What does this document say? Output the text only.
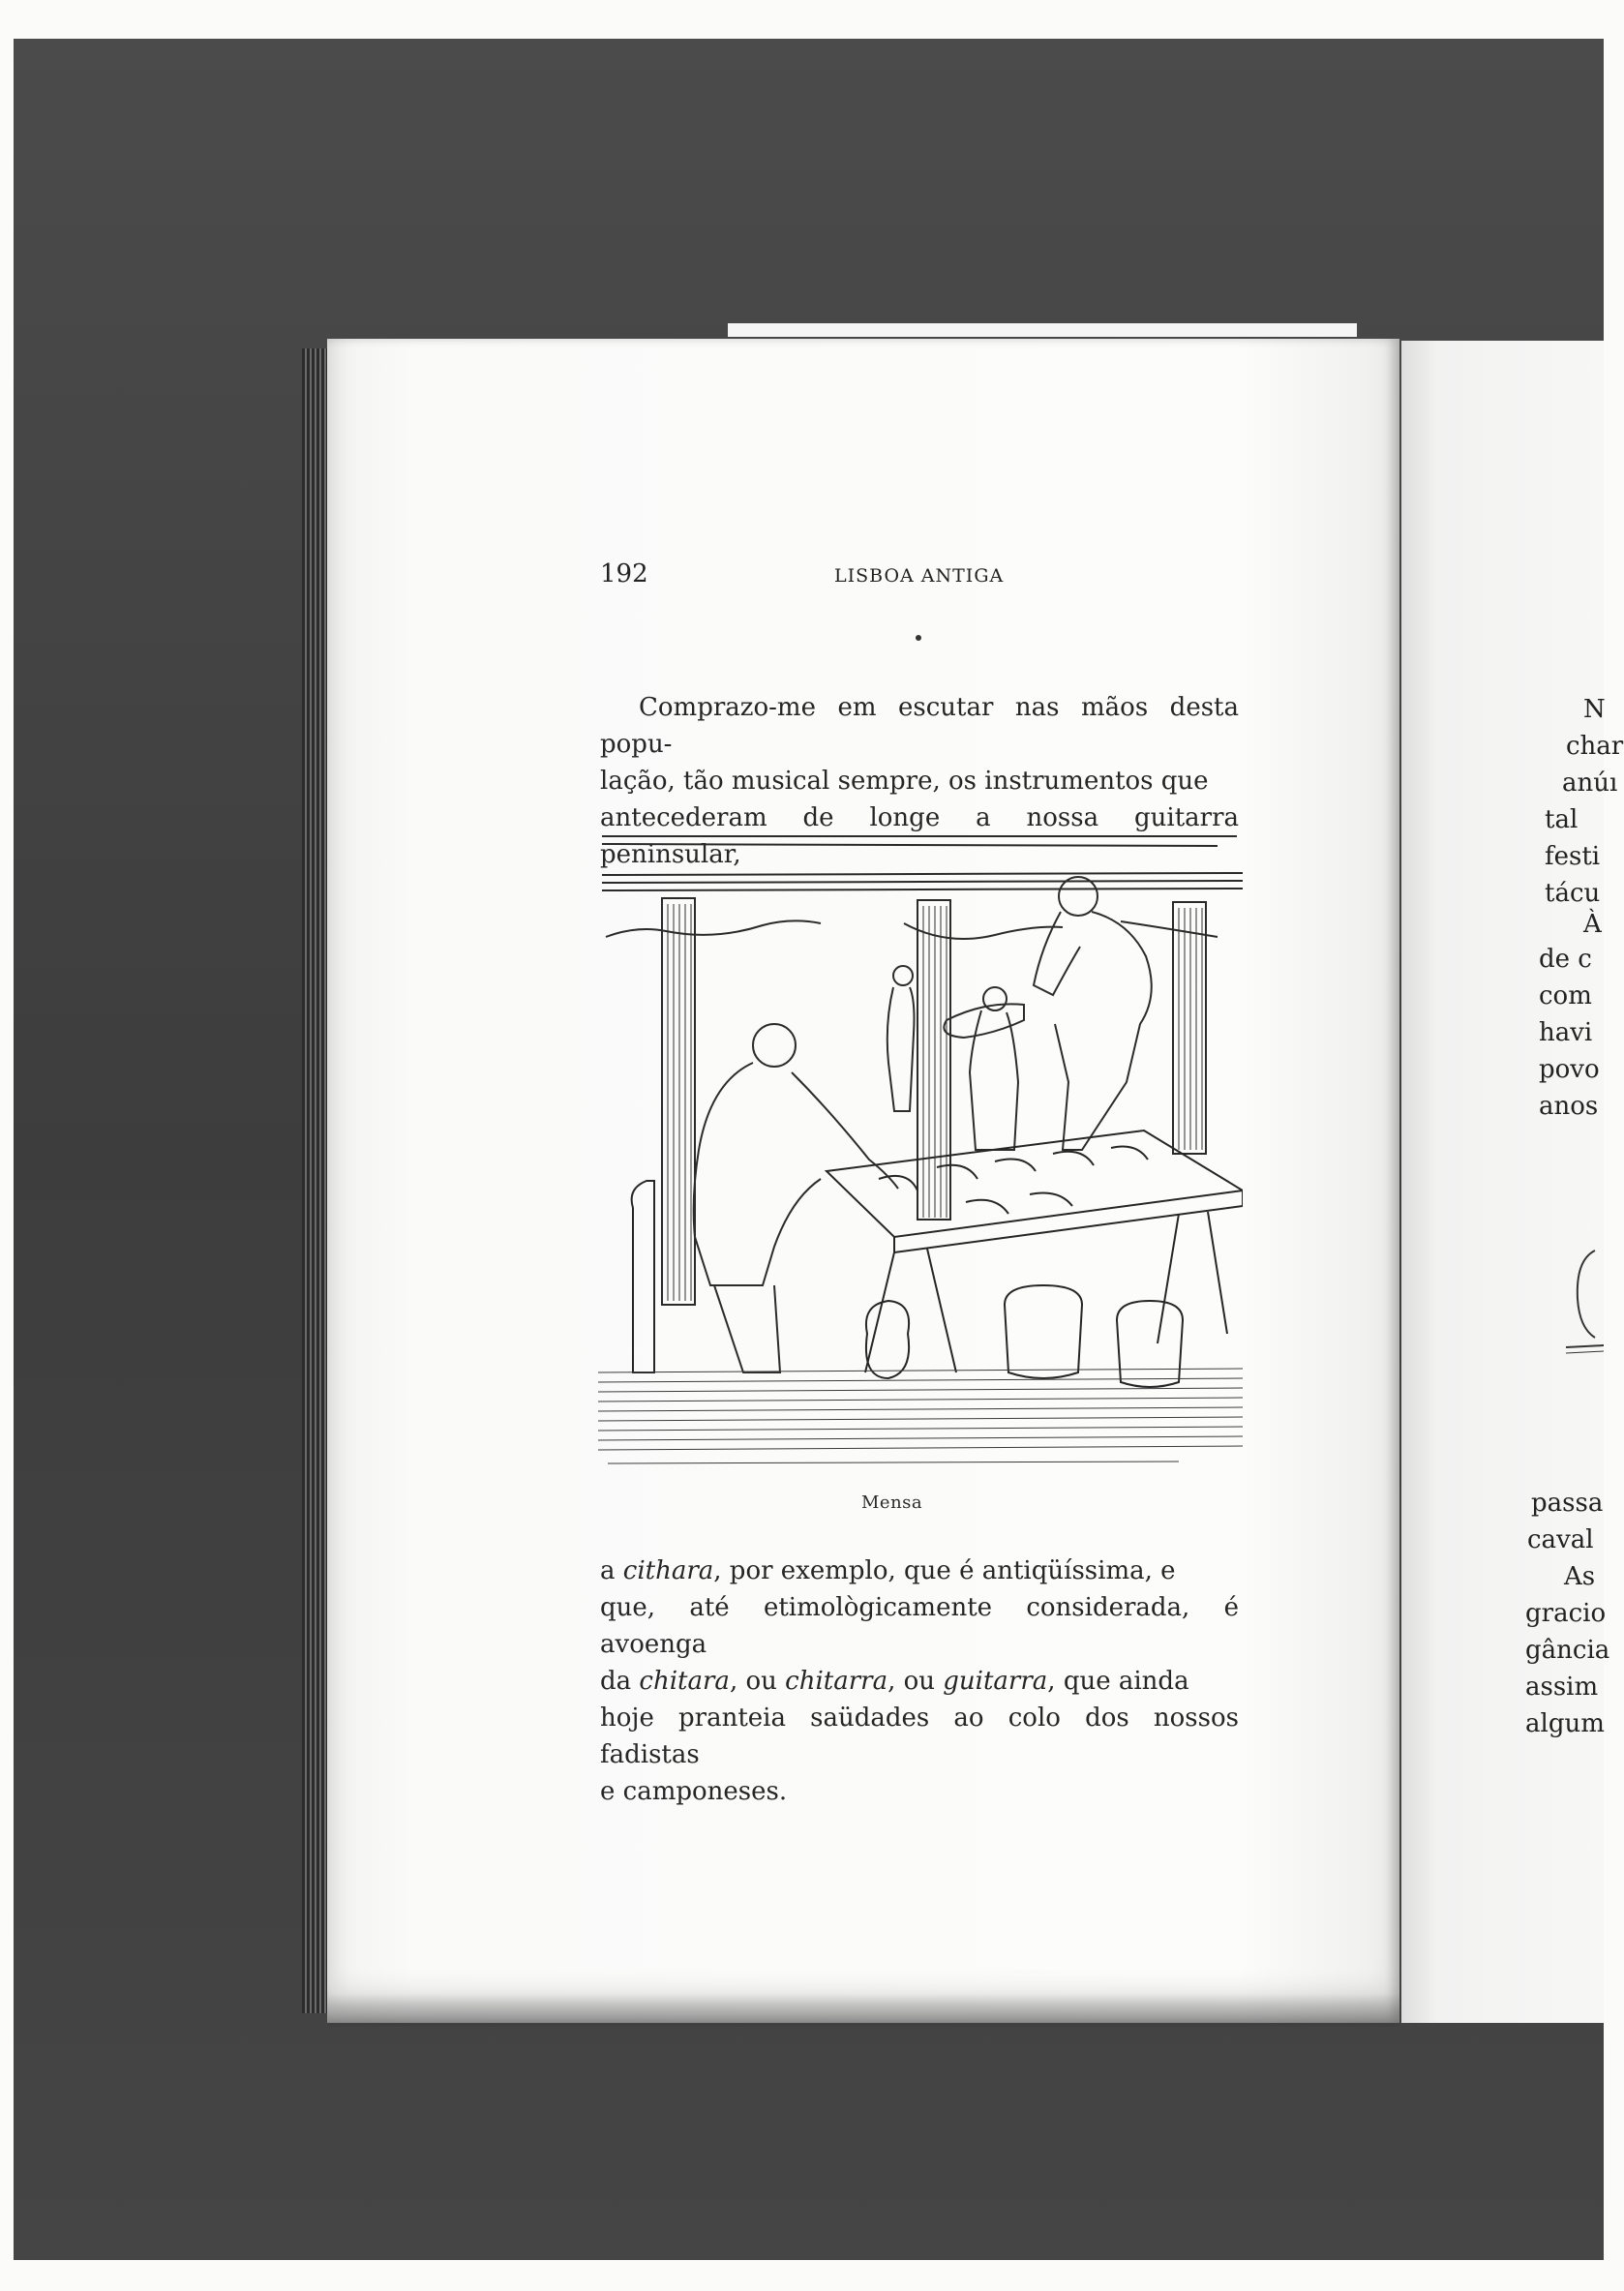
192	LISBOA ANTIGA
Comprazo-me em escutar nas mãos desta popu-
lação, tão musical sempre, os instrumentos que
antecederam de longe a nossa guitarra peninsular,
Mensa
a cithara, por exemplo, que é antiqüíssima, e
que, até etimològicamente considerada, é avoenga
da chitara, ou chitarra, ou guitarra, que ainda
hoje pranteia saüdades ao colo dos nossos fadistas
e camponeses.
N
char
anúı
tal
festi
tácu
À
de c
com
havi
povo
anos
passa
caval
As
gracio
gância
assim
algum
